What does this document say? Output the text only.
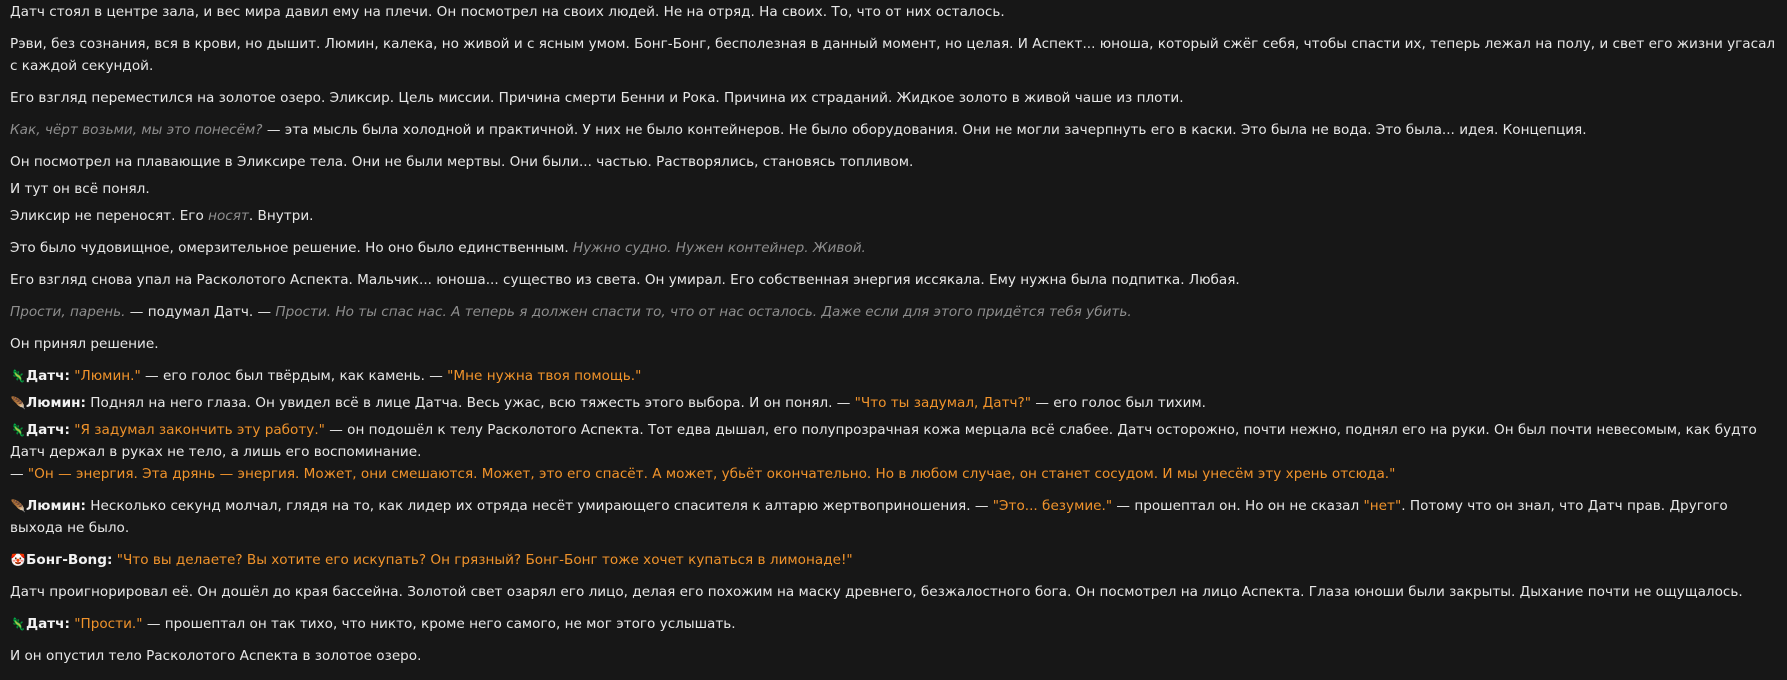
Датч стоял в центре зала, и вес мира давил ему на плечи. Он посмотрел на своих людей. Не на отряд. На своих. То, что от них осталось.

Рэви, без сознания, вся в крови, но дышит. Люмин, калека, но живой и с ясным умом. Бонг-Бонг, бесполезная в данный момент, но целая. И Аспект... юноша, который сжёг себя, чтобы спасти их, теперь лежал на полу, и свет его жизни угасал с каждой секундой.

Его взгляд переместился на золотое озеро. Эликсир. Цель миссии. Причина смерти Бенни и Рока. Причина их страданий. Жидкое золото в живой чаше из плоти.

Как, чёрт возьми, мы это понесём? — эта мысль была холодной и практичной. У них не было контейнеров. Не было оборудования. Они не могли зачерпнуть его в каски. Это была не вода. Это была... идея. Концепция.

Он посмотрел на плавающие в Эликсире тела. Они не были мертвы. Они были... частью. Растворялись, становясь топливом.

И тут он всё понял.

Эликсир не переносят. Его носят. Внутри.

Это было чудовищное, омерзительное решение. Но оно было единственным. Нужно судно. Нужен контейнер. Живой.

Его взгляд снова упал на Расколотого Аспекта. Мальчик... юноша... существо из света. Он умирал. Его собственная энергия иссякала. Ему нужна была подпитка. Любая.

Прости, парень. — подумал Датч. — Прости. Но ты спас нас. А теперь я должен спасти то, что от нас осталось. Даже если для этого придётся тебя убить.

Он принял решение.

🦎Датч: "Люмин." — его голос был твёрдым, как камень. — "Мне нужна твоя помощь."

🪶Люмин: Поднял на него глаза. Он увидел всё в лице Датча. Весь ужас, всю тяжесть этого выбора. И он понял. — "Что ты задумал, Датч?" — его голос был тихим.

🦎Датч: "Я задумал закончить эту работу." — он подошёл к телу Расколотого Аспекта. Тот едва дышал, его полупрозрачная кожа мерцала всё слабее. Датч осторожно, почти нежно, поднял его на руки. Он был почти невесомым, как будто Датч держал в руках не тело, а лишь его воспоминание.
— "Он — энергия. Эта дрянь — энергия. Может, они смешаются. Может, это его спасёт. А может, убьёт окончательно. Но в любом случае, он станет сосудом. И мы унесём эту хрень отсюда."

🪶Люмин: Несколько секунд молчал, глядя на то, как лидер их отряда несёт умирающего спасителя к алтарю жертвоприношения. — "Это... безумие." — прошептал он. Но он не сказал "нет". Потому что он знал, что Датч прав. Другого выхода не было.

🤡Бонг-Bong: "Что вы делаете? Вы хотите его искупать? Он грязный? Бонг-Бонг тоже хочет купаться в лимонаде!"

Датч проигнорировал её. Он дошёл до края бассейна. Золотой свет озарял его лицо, делая его похожим на маску древнего, безжалостного бога. Он посмотрел на лицо Аспекта. Глаза юноши были закрыты. Дыхание почти не ощущалось.

🦎Датч: "Прости." — прошептал он так тихо, что никто, кроме него самого, не мог этого услышать.

И он опустил тело Расколотого Аспекта в золотое озеро.
